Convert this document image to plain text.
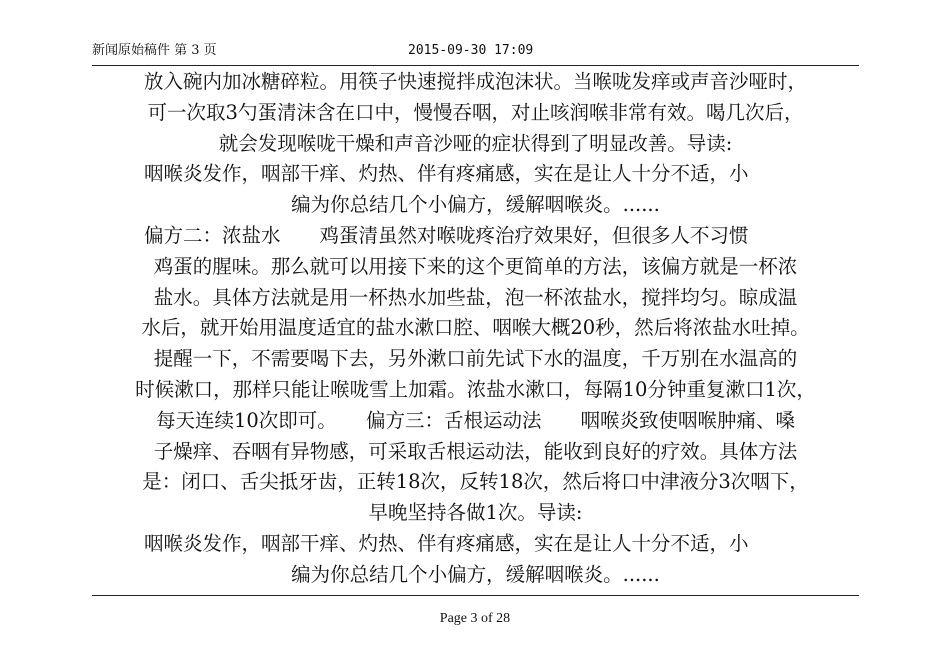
新闻原始稿件 第 3 页	2015-09-30 17:09
放入碗内加冰糖碎粒。用筷子快速搅拌成泡沫状。当喉咙发痒或声音沙哑时，
可一次取3勺蛋清沫含在口中，慢慢吞咽，对止咳润喉非常有效。喝几次后，
就会发现喉咙干燥和声音沙哑的症状得到了明显改善。导读:
咽喉炎发作，咽部干痒、灼热、伴有疼痛感，实在是让人十分不适，小
编为你总结几个小偏方，缓解咽喉炎。......
偏方二：浓盐水　　鸡蛋清虽然对喉咙疼治疗效果好，但很多人不习惯
鸡蛋的腥味。那么就可以用接下来的这个更简单的方法，该偏方就是一杯浓
盐水。具体方法就是用一杯热水加些盐，泡一杯浓盐水，搅拌均匀。晾成温
水后，就开始用温度适宜的盐水漱口腔、咽喉大概20秒，然后将浓盐水吐掉。
提醒一下，不需要喝下去，另外漱口前先试下水的温度，千万别在水温高的
时候漱口，那样只能让喉咙雪上加霜。浓盐水漱口，每隔10分钟重复漱口1次，
每天连续10次即可。　　偏方三：舌根运动法　　咽喉炎致使咽喉肿痛、嗓
子燥痒、吞咽有异物感，可采取舌根运动法，能收到良好的疗效。具体方法
是：闭口、舌尖抵牙齿，正转18次，反转18次，然后将口中津液分3次咽下，
早晚坚持各做1次。导读:
咽喉炎发作，咽部干痒、灼热、伴有疼痛感，实在是让人十分不适，小
编为你总结几个小偏方，缓解咽喉炎。......
Page 3 of 28
